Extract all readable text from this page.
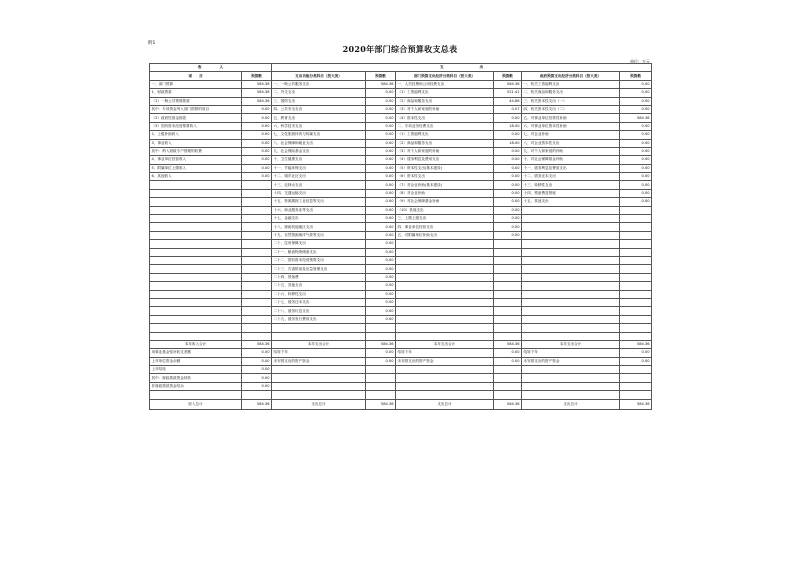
附1
2020年部门综合预算收支总表
单位：万元
收　　　　　入		支　　　　　　　　　　出					
项　　目	预算数	支出功能分类科目（按大类）	预算数	部门预算支出经济分类科目（按大类）	预算数	政府预算支出经济分类科目（按大类）	预算数
一、部门预算	584.36	一、一般公共服务支出	584.36	一、人员经费和公用经费支出	584.36	一、机关工资福利支出	0.00
1、财政拨款	584.36	二、外交支出	0.00	（1）工资福利支出	521.41	二、机关商品和服务支出	0.00
（1）一般公共预算拨款	584.36	三、国防支出	0.00	（2）商品和服务支出	44.86	三、机关资本性支出（一）	0.00
其中：专项资金列入部门预算的项目	0.00	四、公共安全支出	0.00	（3）对个人和家庭的补助	0.07	四、机关资本性支出（二）	0.00
（2）政府性基金拨款	0.00	五、教育支出	0.00	（4）资本性支出	0.00	五、对事业单位经常性补助	584.36
（3）国有资本经营预算收入	0.00	六、科学技术支出	0.00	二、专项业务经费支出	18.00	六、对事业单位资本性补助	0.00
2、上级补助收入	0.00	七、文化旅游体育与传媒支出	0.00	（1）工资福利支出	0.00	七、对企业补助	0.00
3、事业收入	0.00	八、社会保障和就业支出	0.00	（2）商品和服务支出	18.00	八、对企业资本性支出	0.00
其中：纳入财政专户管理的收费	0.00	九、社会保险基金支出	0.00	（3）对个人和家庭的补助	0.00	九、对个人和家庭的补助	0.00
4、事业单位经营收入	0.00	十、卫生健康支出	0.00	（4）债务利息及费用支出	0.00	十、对社会保障基金补助	0.00
5、附属单位上缴收入	0.00	十一、节能环保支出	0.00	（5）资本性支出(基本建设)	0.00	十一、债务利息及费用支出	0.00
6、其他收入	0.00	十二、城乡社区支出	0.00	（6）资本性支出	0.00	十二、债务还本支出	0.00
		十三、农林水支出	0.00	（7）对企业补助(基本建设)	0.00	十三、转移性支出	0.00
		十四、交通运输支出	0.00	（8）对企业补助	0.00	十四、预备费及预留	0.00
		十五、资源勘探工业信息等支出	0.00	（9）对社会保障基金补助	0.00	十五、其他支出	0.00
		十六、商业服务业等支出	0.00	（10）其他支出	0.00		
		十七、金融支出	0.00	三、上缴上级支出	0.00		
		十八、援助其他地区支出	0.00	四、事业单位经营支出	0.00		
		十九、自然资源海洋气象等支出	0.00	五、对附属单位补助支出	0.00		
		二十、住房保障支出	0.00				
		二十一、粮油物资储备支出	0.00				
		二十二、国有资本经营预算支出	0.00				
		二十三、灾害防治及应急管理支出	0.00				
		二十四、预备费	0.00				
		二十五、其他支出	0.00				
		二十六、转移性支出	0.00				
		二十七、债务还本支出	0.00				
		二十八、债务付息支出	0.00				
		二十九、债务发行费用支出	0.00				

本年收入合计	584.36	本年支出合计	584.36	本年支出合计	584.36	本年支出合计	584.36
用事业基金弥补收支差额	0.00	结转下年	0.00	结转下年	0.00	结转下年	0.00
上年单位资金余额	0.00	未安排支出的资产资金	0.00	未安排支出的资产资金	0.00	未安排支出的资产资金	0.00
上年结转	0.00						
其中：财政拨款资金结转	0.00						
非财政拨款资金结余	0.00						

收入总计	584.36	支出总计	584.36	支出总计	584.36	支出总计	584.36
